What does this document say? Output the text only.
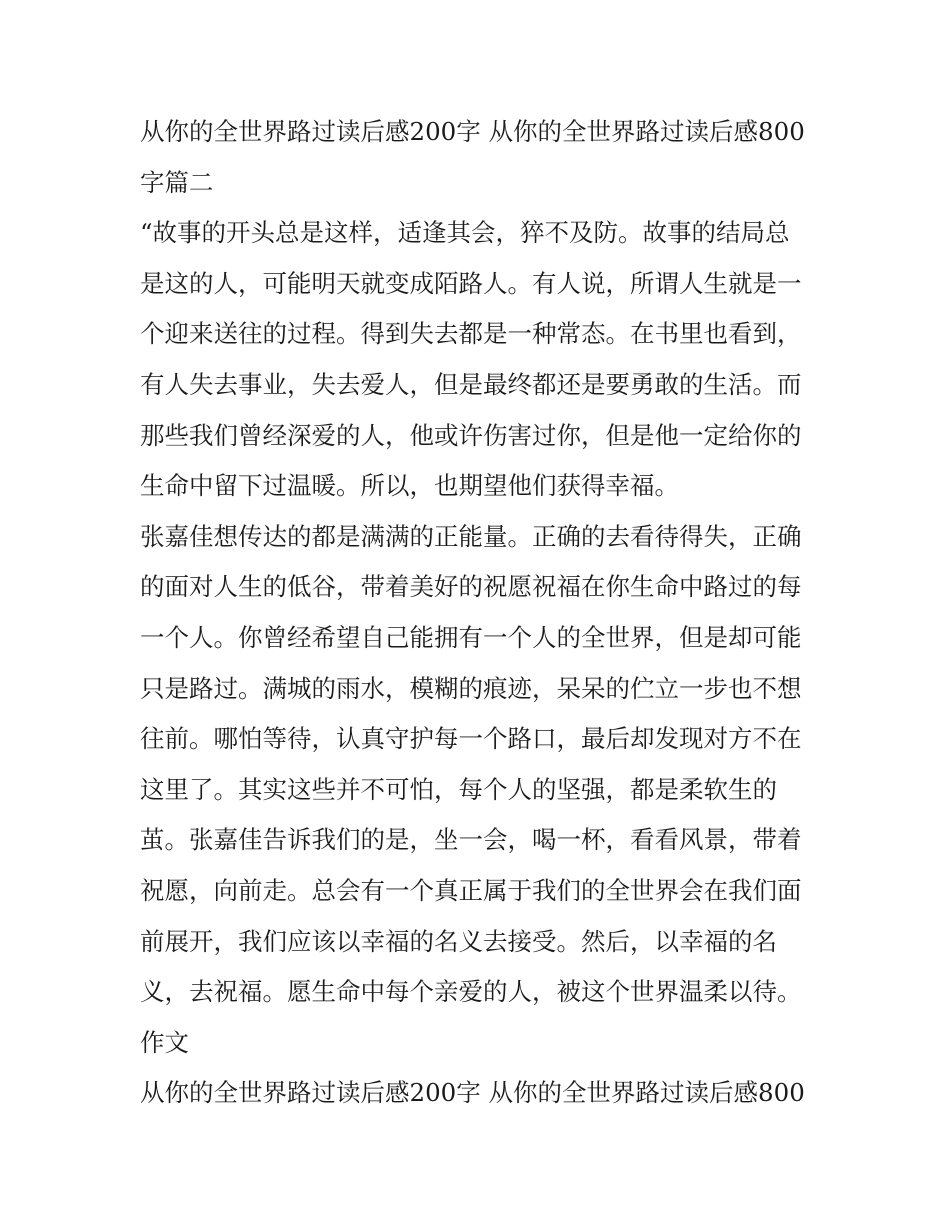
从你的全世界路过读后感200字 从你的全世界路过读后感800
字篇二
“故事的开头总是这样，适逢其会，猝不及防。故事的结局总
是这的人，可能明天就变成陌路人。有人说，所谓人生就是一
个迎来送往的过程。得到失去都是一种常态。在书里也看到，
有人失去事业，失去爱人，但是最终都还是要勇敢的生活。而
那些我们曾经深爱的人，他或许伤害过你，但是他一定给你的
生命中留下过温暖。所以，也期望他们获得幸福。
张嘉佳想传达的都是满满的正能量。正确的去看待得失，正确
的面对人生的低谷，带着美好的祝愿祝福在你生命中路过的每
一个人。你曾经希望自己能拥有一个人的全世界，但是却可能
只是路过。满城的雨水，模糊的痕迹，呆呆的伫立一步也不想
往前。哪怕等待，认真守护每一个路口，最后却发现对方不在
这里了。其实这些并不可怕，每个人的坚强，都是柔软生的
茧。张嘉佳告诉我们的是，坐一会，喝一杯，看看风景，带着
祝愿，向前走。总会有一个真正属于我们的全世界会在我们面
前展开，我们应该以幸福的名义去接受。然后，以幸福的名
义，去祝福。愿生命中每个亲爱的人，被这个世界温柔以待。
作文
从你的全世界路过读后感200字 从你的全世界路过读后感800
